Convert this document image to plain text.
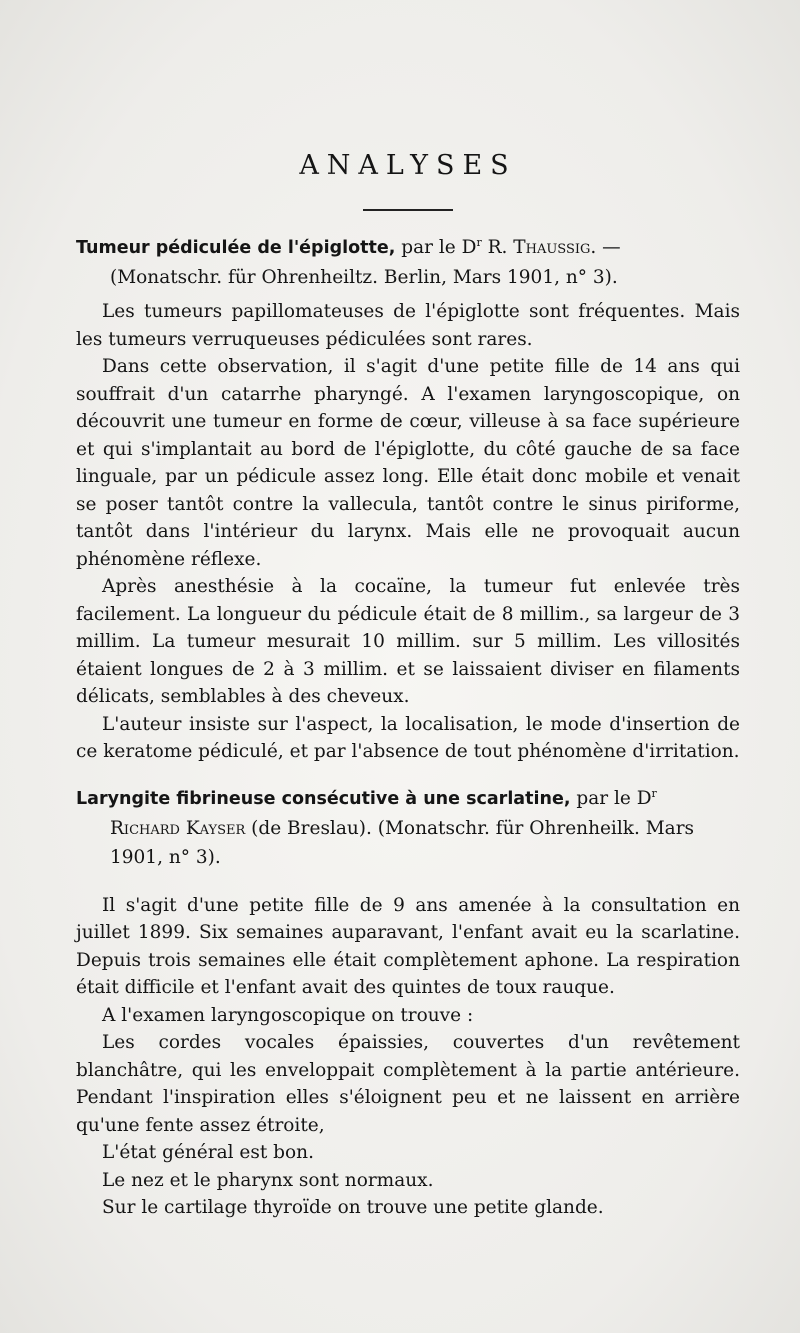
ANALYSES

Tumeur pédiculée de l'épiglotte, par le $D^r$ R. Thaussig. —
(Monatschr. für Ohrenheiltz. Berlin, Mars 1901, n° 3).

Les tumeurs papillomateuses de l'épiglotte sont fréquentes. Mais les tumeurs verruqueuses pédiculées sont rares.

Dans cette observation, il s'agit d'une petite fille de 14 ans qui souffrait d'un catarrhe pharyngé. A l'examen laryngoscopique, on découvrit une tumeur en forme de cœur, villeuse à sa face supérieure et qui s'implantait au bord de l'épiglotte, du côté gauche de sa face linguale, par un pédicule assez long. Elle était donc mobile et venait se poser tantôt contre la vallecula, tantôt contre le sinus piriforme, tantôt dans l'intérieur du larynx. Mais elle ne provoquait aucun phénomène réflexe.

Après anesthésie à la cocaïne, la tumeur fut enlevée très facilement. La longueur du pédicule était de 8 millim., sa largeur de 3 millim. La tumeur mesurait 10 millim. sur 5 millim. Les villosités étaient longues de 2 à 3 millim. et se laissaient diviser en filaments délicats, semblables à des cheveux.

L'auteur insiste sur l'aspect, la localisation, le mode d'insertion de ce keratome pédiculé, et par l'absence de tout phénomène d'irritation.

Laryngite fibrineuse consécutive à une scarlatine, par le $D^r$
Richard Kayser (de Breslau). (Monatschr. für Ohrenheilk. Mars 1901, n° 3).

Il s'agit d'une petite fille de 9 ans amenée à la consultation en juillet 1899. Six semaines auparavant, l'enfant avait eu la scarlatine. Depuis trois semaines elle était complètement aphone. La respiration était difficile et l'enfant avait des quintes de toux rauque.

A l'examen laryngoscopique on trouve :

Les cordes vocales épaissies, couvertes d'un revêtement blanchâtre, qui les enveloppait complètement à la partie antérieure. Pendant l'inspiration elles s'éloignent peu et ne laissent en arrière qu'une fente assez étroite,

L'état général est bon.

Le nez et le pharynx sont normaux.

Sur le cartilage thyroïde on trouve une petite glande.
